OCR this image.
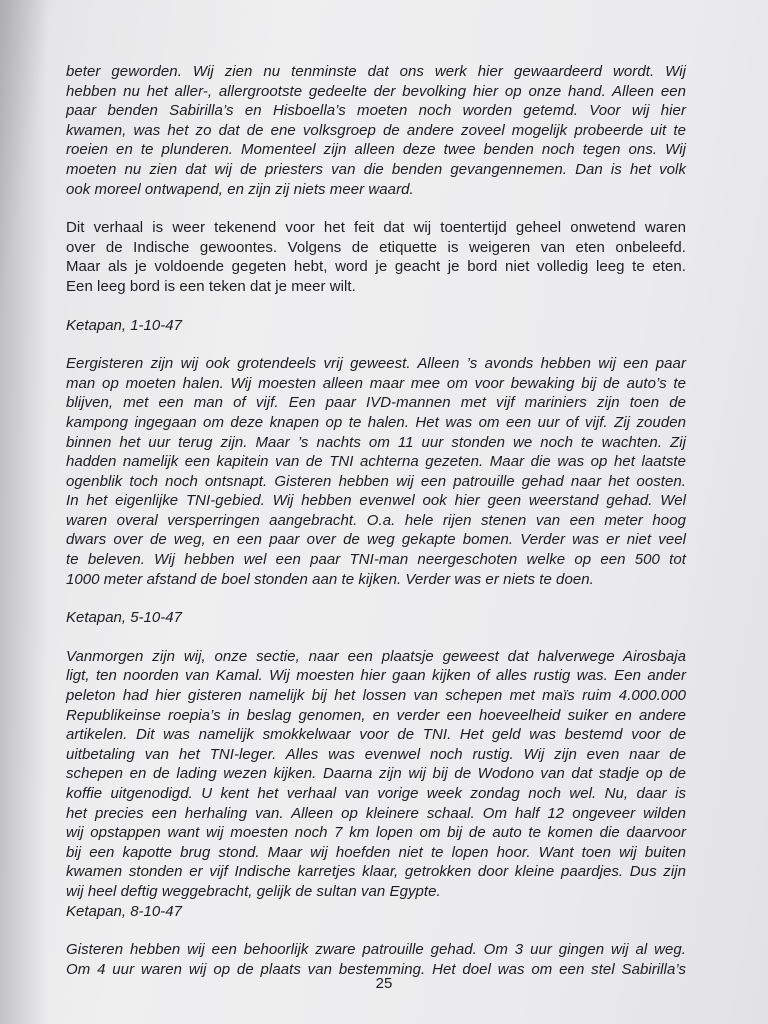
beter geworden. Wij zien nu tenminste dat ons werk hier gewaardeerd wordt. Wij
hebben nu het aller-, allergrootste gedeelte der bevolking hier op onze hand. Alleen een
paar benden Sabirilla’s en Hisboella’s moeten noch worden getemd. Voor wij hier
kwamen, was het zo dat de ene volksgroep de andere zoveel mogelijk probeerde uit te
roeien en te plunderen. Momenteel zijn alleen deze twee benden noch tegen ons. Wij
moeten nu zien dat wij de priesters van die benden gevangennemen. Dan is het volk
ook moreel ontwapend, en zijn zij niets meer waard.
Dit verhaal is weer tekenend voor het feit dat wij toentertijd geheel onwetend waren
over de Indische gewoontes. Volgens de etiquette is weigeren van eten onbeleefd.
Maar als je voldoende gegeten hebt, word je geacht je bord niet volledig leeg te eten.
Een leeg bord is een teken dat je meer wilt.
Ketapan, 1-10-47
Eergisteren zijn wij ook grotendeels vrij geweest. Alleen ’s avonds hebben wij een paar
man op moeten halen. Wij moesten alleen maar mee om voor bewaking bij de auto’s te
blijven, met een man of vijf. Een paar IVD-mannen met vijf mariniers zijn toen de
kampong ingegaan om deze knapen op te halen. Het was om een uur of vijf. Zij zouden
binnen het uur terug zijn. Maar ’s nachts om 11 uur stonden we noch te wachten. Zij
hadden namelijk een kapitein van de TNI achterna gezeten. Maar die was op het laatste
ogenblik toch noch ontsnapt. Gisteren hebben wij een patrouille gehad naar het oosten.
In het eigenlijke TNI-gebied. Wij hebben evenwel ook hier geen weerstand gehad. Wel
waren overal versperringen aangebracht. O.a. hele rijen stenen van een meter hoog
dwars over de weg, en een paar over de weg gekapte bomen. Verder was er niet veel
te beleven. Wij hebben wel een paar TNI-man neergeschoten welke op een 500 tot
1000 meter afstand de boel stonden aan te kijken. Verder was er niets te doen.
Ketapan, 5-10-47
Vanmorgen zijn wij, onze sectie, naar een plaatsje geweest dat halverwege Airosbaja
ligt, ten noorden van Kamal. Wij moesten hier gaan kijken of alles rustig was. Een ander
peleton had hier gisteren namelijk bij het lossen van schepen met maïs ruim 4.000.000
Republikeinse roepia’s in beslag genomen, en verder een hoeveelheid suiker en andere
artikelen. Dit was namelijk smokkelwaar voor de TNI. Het geld was bestemd voor de
uitbetaling van het TNI-leger. Alles was evenwel noch rustig. Wij zijn even naar de
schepen en de lading wezen kijken. Daarna zijn wij bij de Wodono van dat stadje op de
koffie uitgenodigd. U kent het verhaal van vorige week zondag noch wel. Nu, daar is
het precies een herhaling van. Alleen op kleinere schaal. Om half 12 ongeveer wilden
wij opstappen want wij moesten noch 7 km lopen om bij de auto te komen die daarvoor
bij een kapotte brug stond. Maar wij hoefden niet te lopen hoor. Want toen wij buiten
kwamen stonden er vijf Indische karretjes klaar, getrokken door kleine paardjes. Dus zijn
wij heel deftig weggebracht, gelijk de sultan van Egypte.
Ketapan, 8-10-47
Gisteren hebben wij een behoorlijk zware patrouille gehad. Om 3 uur gingen wij al weg.
Om 4 uur waren wij op de plaats van bestemming. Het doel was om een stel Sabirilla’s
25
